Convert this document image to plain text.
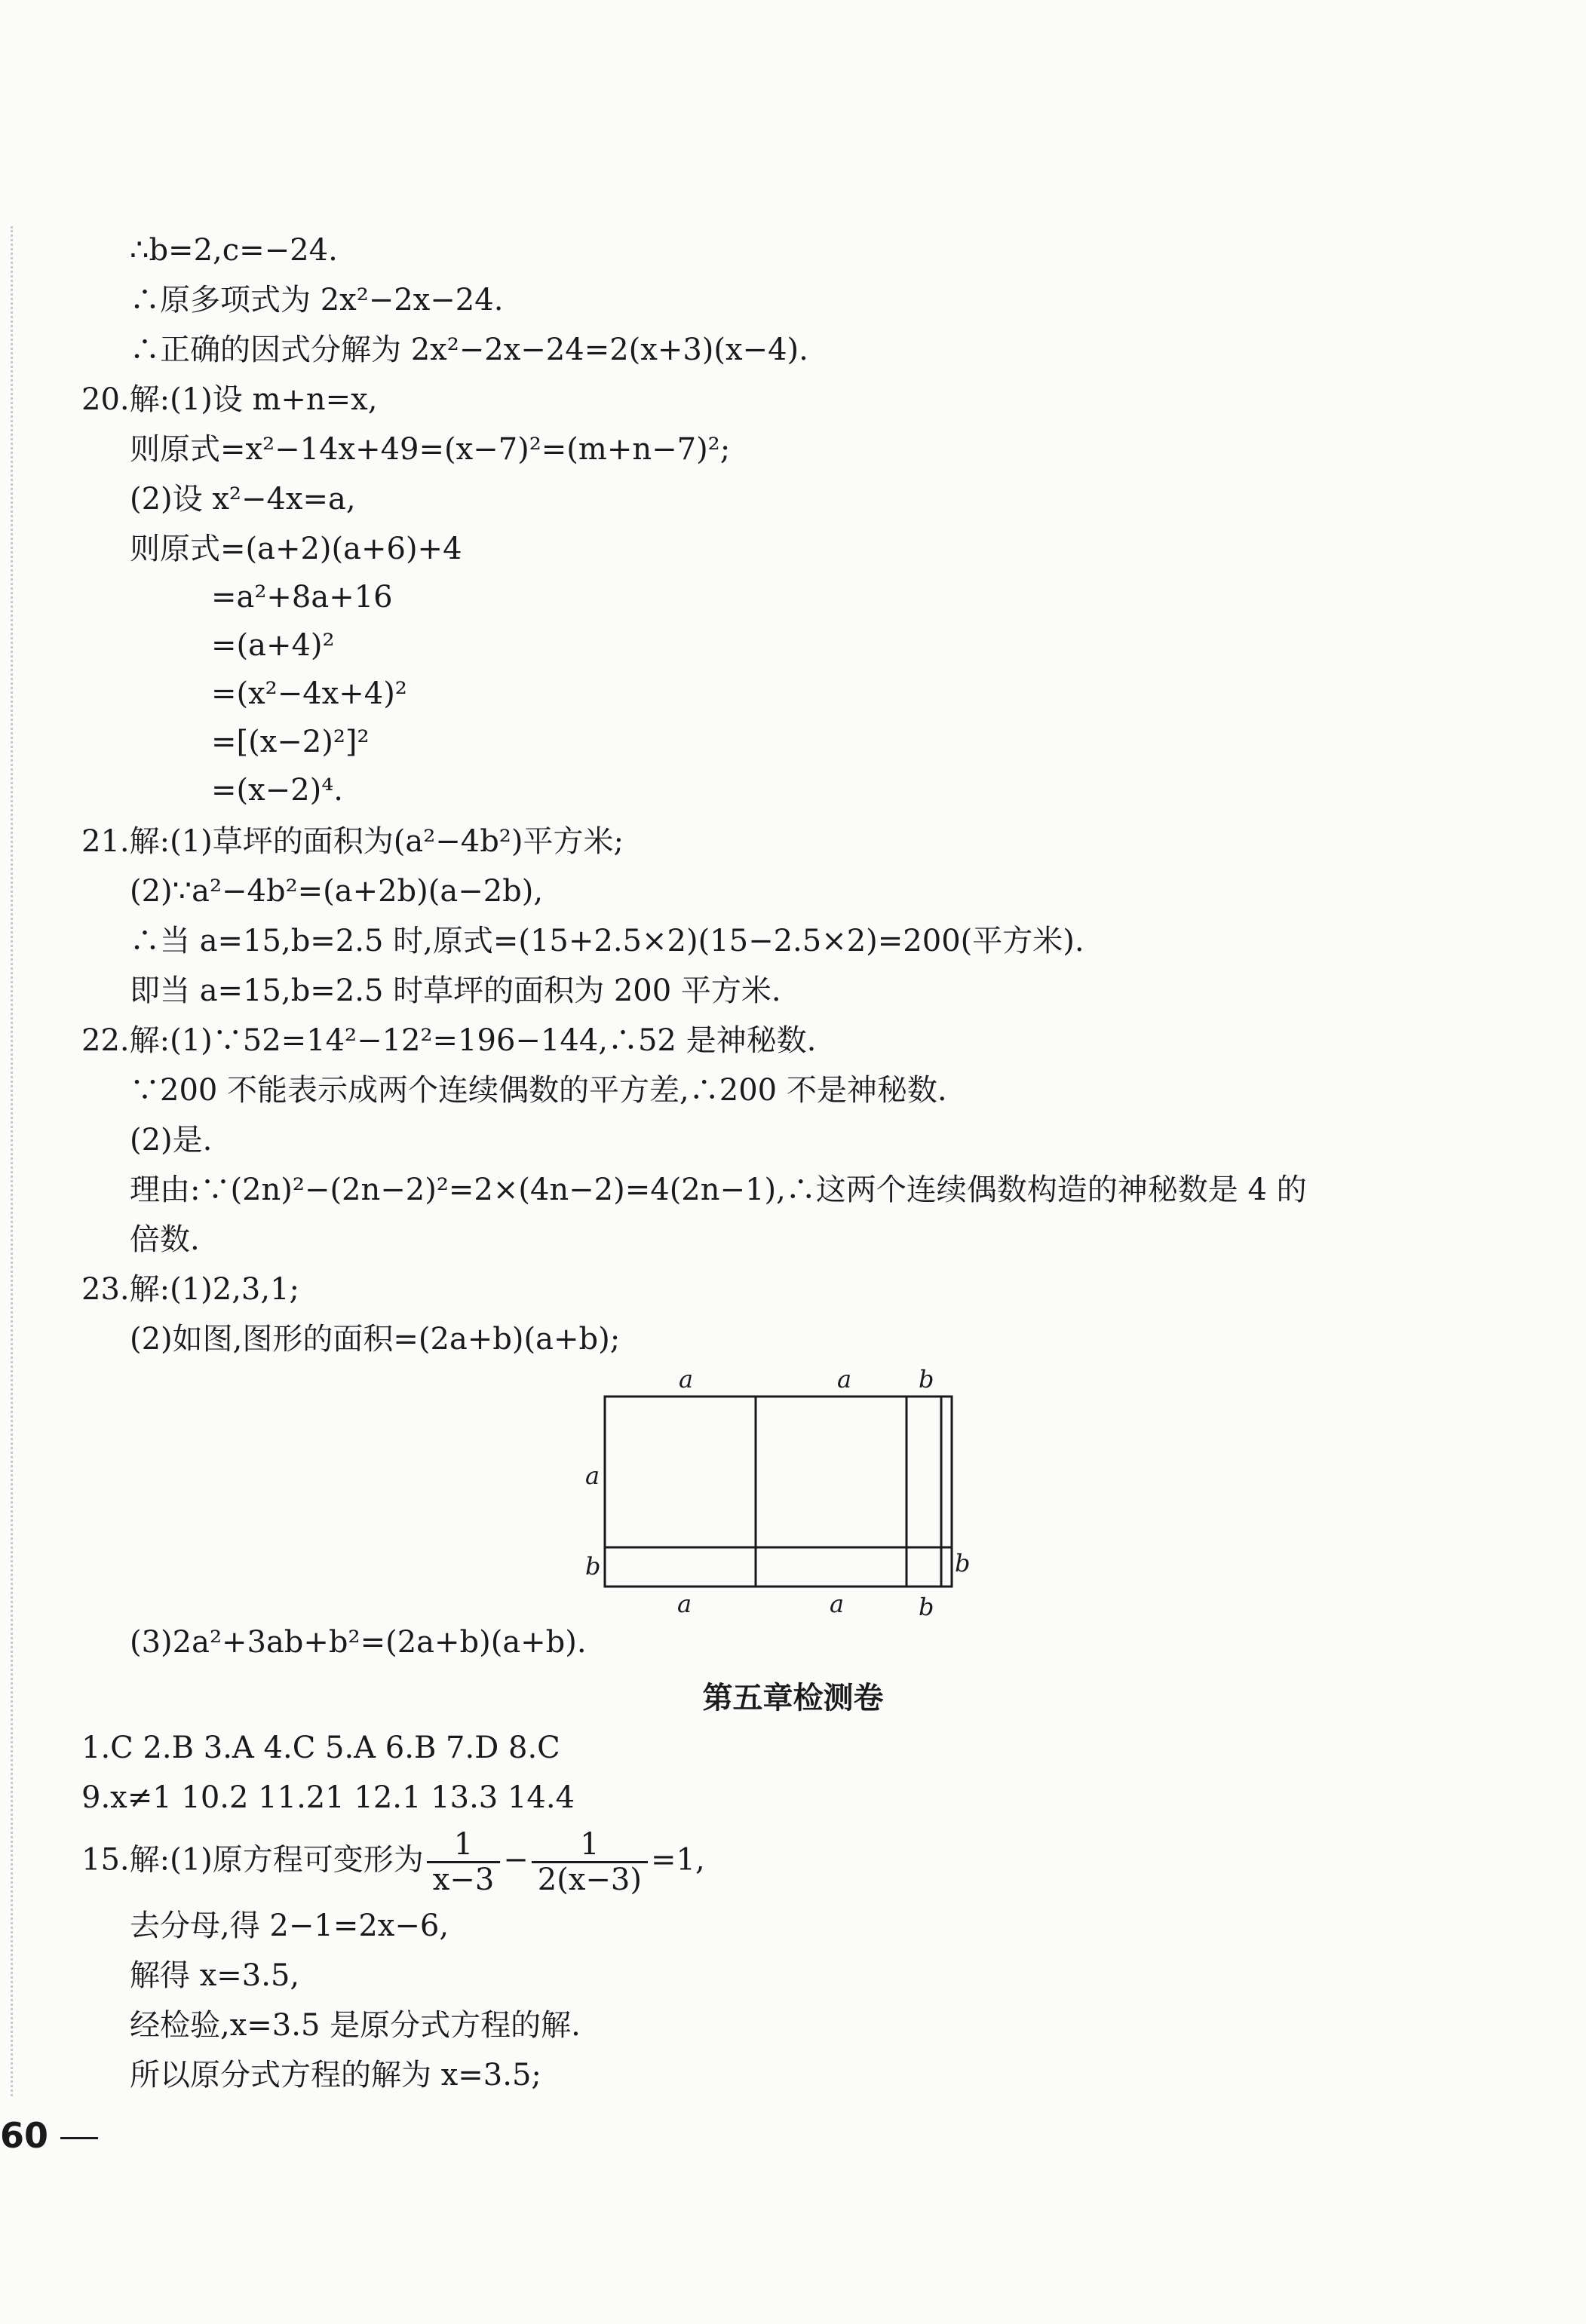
∴b=2,c=−24.
∴原多项式为 2x²−2x−24.
∴正确的因式分解为 2x²−2x−24=2(x+3)(x−4).
20.解:(1)设 m+n=x,
则原式=x²−14x+49=(x−7)²=(m+n−7)²;
(2)设 x²−4x=a,
则原式=(a+2)(a+6)+4
=a²+8a+16
=(a+4)²
=(x²−4x+4)²
=[(x−2)²]²
=(x−2)⁴.
21.解:(1)草坪的面积为(a²−4b²)平方米;
(2)∵a²−4b²=(a+2b)(a−2b),
∴当 a=15,b=2.5 时,原式=(15+2.5×2)(15−2.5×2)=200(平方米).
即当 a=15,b=2.5 时草坪的面积为 200 平方米.
22.解:(1)∵52=14²−12²=196−144,∴52 是神秘数.
∵200 不能表示成两个连续偶数的平方差,∴200 不是神秘数.
(2)是.
理由:∵(2n)²−(2n−2)²=2×(4n−2)=4(2n−1),∴这两个连续偶数构造的神秘数是 4 的
倍数.
23.解:(1)2,3,1;
(2)如图,图形的面积=(2a+b)(a+b);
a	a	b
a
b	b
a	a	b
(3)2a²+3ab+b²=(2a+b)(a+b).
第五章检测卷
1.C 2.B 3.A 4.C 5.A 6.B 7.D 8.C
9.x≠1 10.2 11.21 12.1 13.3 14.4
15.解:(1)原方程可变形为 $\frac{1}{x-3} - \frac{1}{2(x-3)} =1$,
去分母,得 2−1=2x−6,
解得 x=3.5,
经检验,x=3.5 是原分式方程的解.
所以原分式方程的解为 x=3.5;
60
